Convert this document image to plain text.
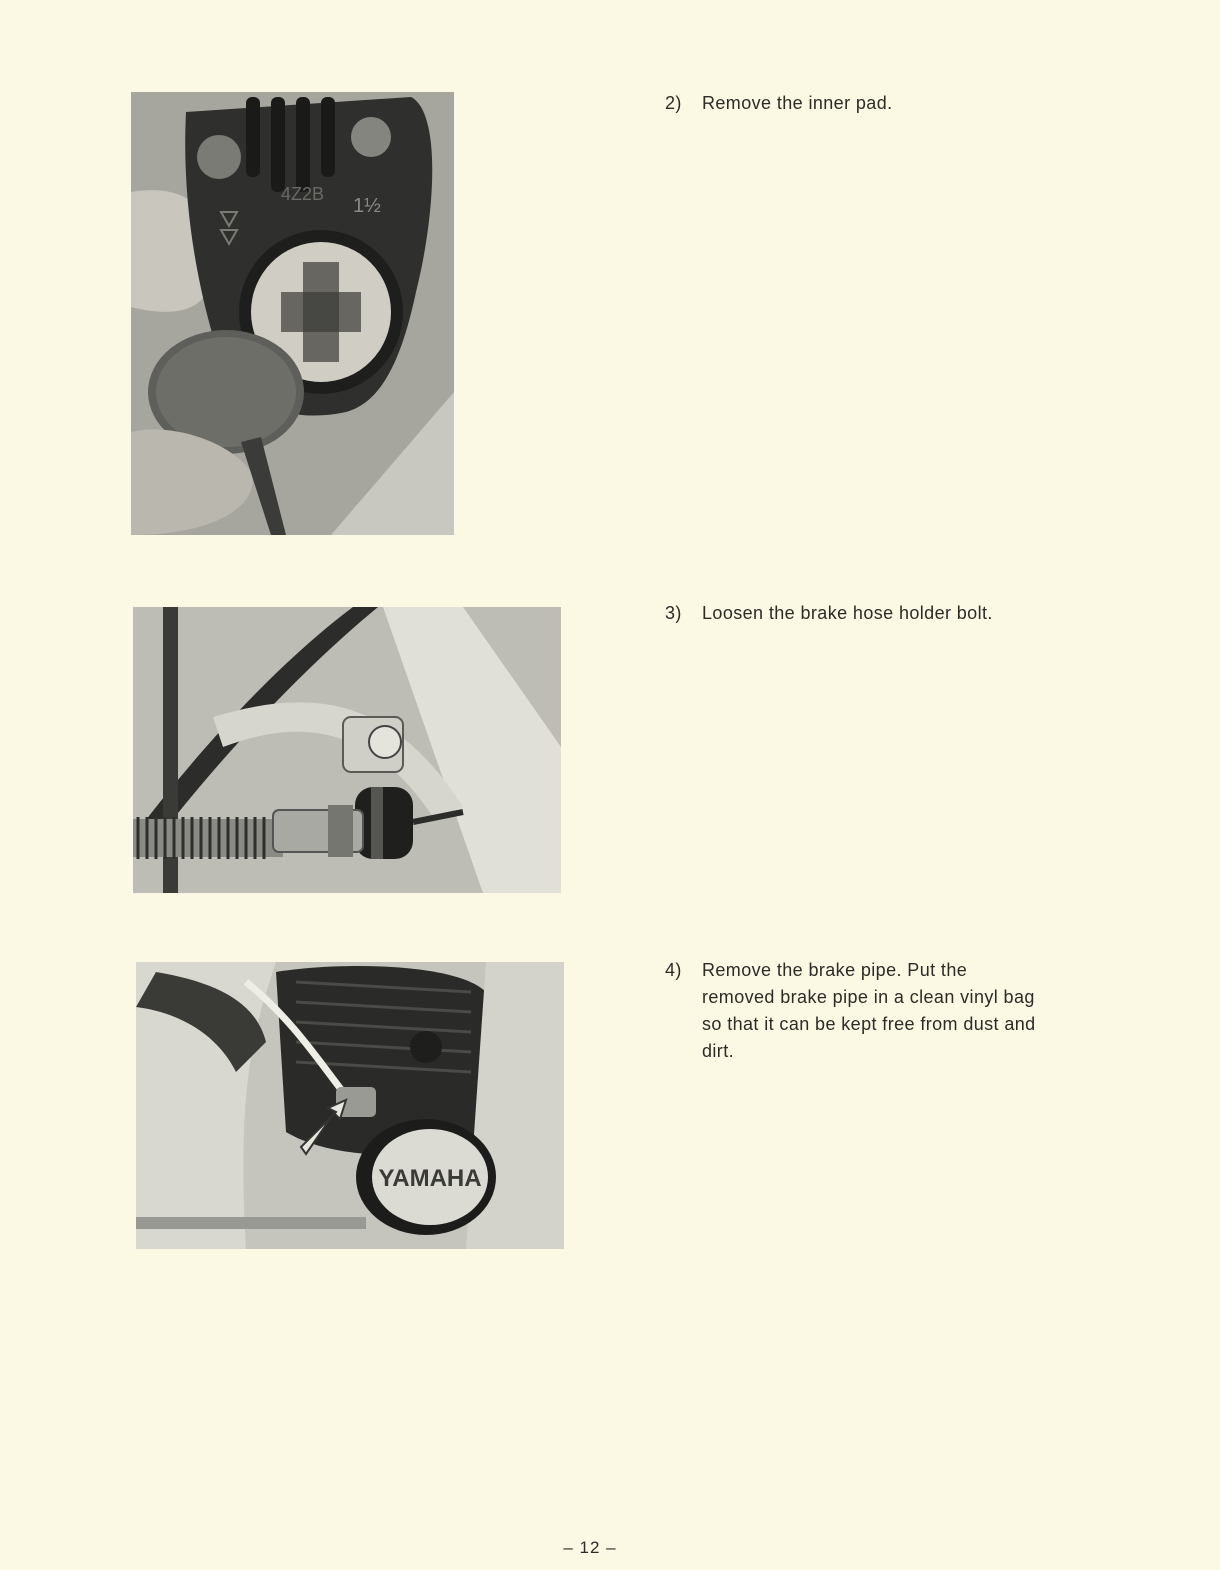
4Z2B
1½
YAMAHA
2) Remove the inner pad.
3) Loosen the brake hose holder bolt.
4) Remove the brake pipe. Put the removed brake pipe in a clean vinyl bag so that it can be kept free from dust and dirt.
– 12 –
